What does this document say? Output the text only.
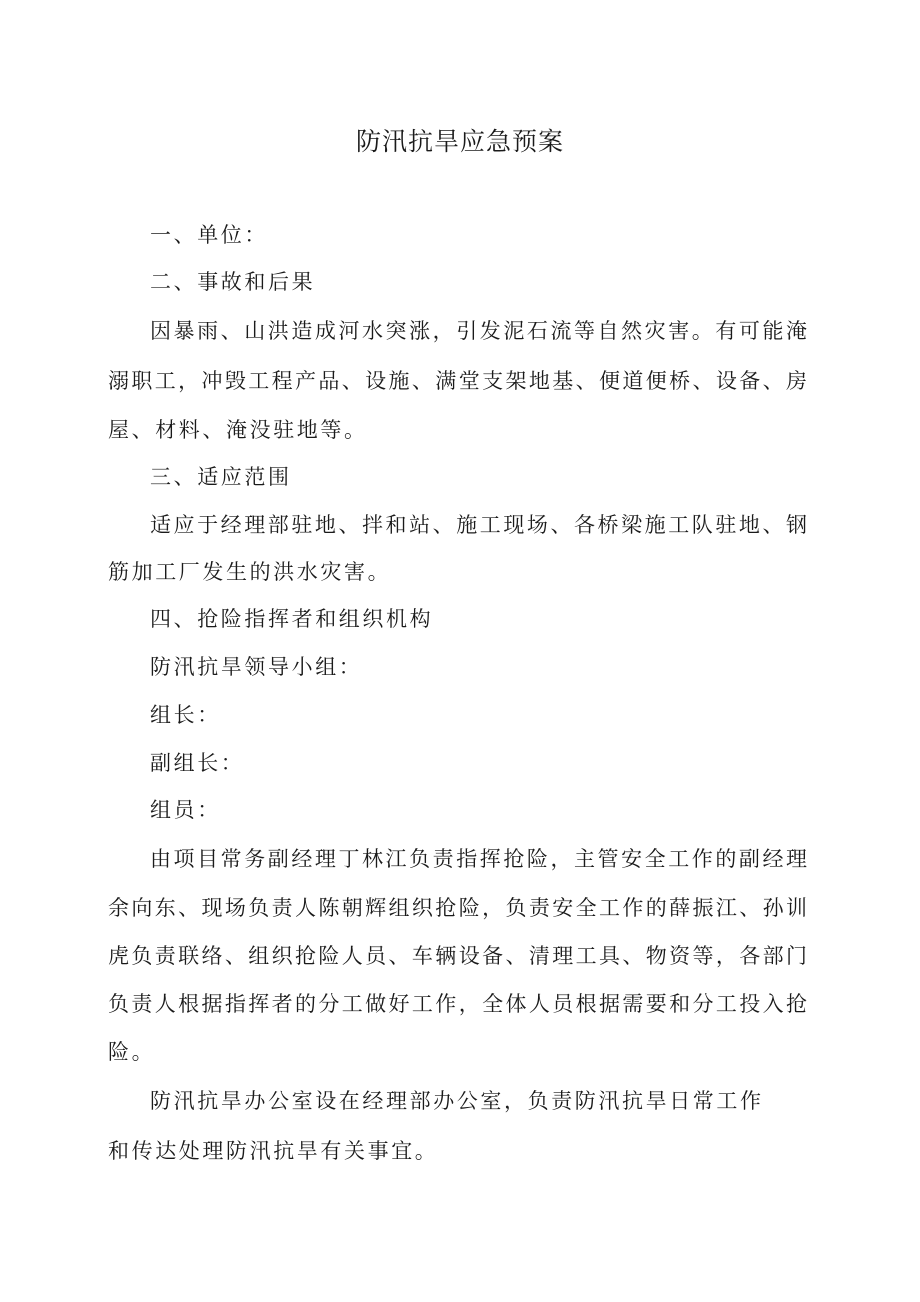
防汛抗旱应急预案
一、单位：
二、事故和后果
因暴雨、山洪造成河水突涨，引发泥石流等自然灾害。有可能淹
溺职工，冲毁工程产品、设施、满堂支架地基、便道便桥、设备、房
屋、材料、淹没驻地等。
三、适应范围
适应于经理部驻地、拌和站、施工现场、各桥梁施工队驻地、钢
筋加工厂发生的洪水灾害。
四、抢险指挥者和组织机构
防汛抗旱领导小组：
组长：
副组长：
组员：
由项目常务副经理丁林江负责指挥抢险，主管安全工作的副经理
余向东、现场负责人陈朝辉组织抢险，负责安全工作的薛振江、孙训
虎负责联络、组织抢险人员、车辆设备、清理工具、物资等，各部门
负责人根据指挥者的分工做好工作，全体人员根据需要和分工投入抢
险。
防汛抗旱办公室设在经理部办公室，负责防汛抗旱日常工作
和传达处理防汛抗旱有关事宜。
